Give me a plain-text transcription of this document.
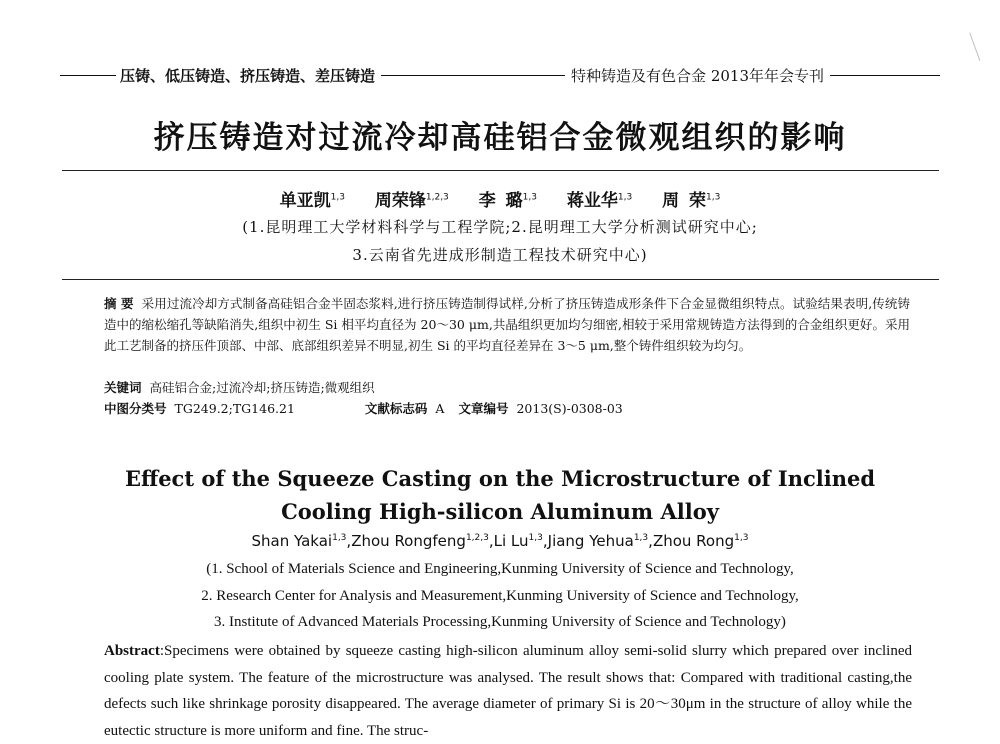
压铸、低压铸造、挤压铸造、差压铸造	特种铸造及有色合金 2013年年会专刊
挤压铸造对过流冷却高硅铝合金微观组织的影响
单亚凯$^{1,3}$ 周荣锋$^{1,2,3}$ 李 璐$^{1,3}$ 蒋业华$^{1,3}$ 周 荣$^{1,3}$
(1.昆明理工大学材料科学与工程学院;2.昆明理工大学分析测试研究中心;
3.云南省先进成形制造工程技术研究中心)
摘 要 采用过流冷却方式制备高硅铝合金半固态浆料,进行挤压铸造制得试样,分析了挤压铸造成形条件下合金显微组织特点。试验结果表明,传统铸造中的缩松缩孔等缺陷消失,组织中初生 Si 相平均直径为 20～30 μm,共晶组织更加均匀细密,相较于采用常规铸造方法得到的合金组织更好。采用此工艺制备的挤压件顶部、中部、底部组织差异不明显,初生 Si 的平均直径差异在 3～5 μm,整个铸件组织较为均匀。
关键词 高硅铝合金;过流冷却;挤压铸造;微观组织
中图分类号 TG249.2;TG146.21	文献标志码 A 文章编号 2013(S)-0308-03
Effect of the Squeeze Casting on the Microstructure of Inclined
Cooling High-silicon Aluminum Alloy
Shan Yakai$^{1,3}$,Zhou Rongfeng$^{1,2,3}$,Li Lu$^{1,3}$,Jiang Yehua$^{1,3}$,Zhou Rong$^{1,3}$
(1. School of Materials Science and Engineering,Kunming University of Science and Technology,
2. Research Center for Analysis and Measurement,Kunming University of Science and Technology,
3. Institute of Advanced Materials Processing,Kunming University of Science and Technology)
Abstract:Specimens were obtained by squeeze casting high-silicon aluminum alloy semi-solid slurry which prepared over inclined cooling plate system. The feature of the microstructure was analysed. The result shows that: Compared with traditional casting,the defects such like shrinkage porosity disappeared. The average diameter of primary Si is 20～30μm in the structure of alloy while the eutectic structure is more uniform and fine. The struc-
